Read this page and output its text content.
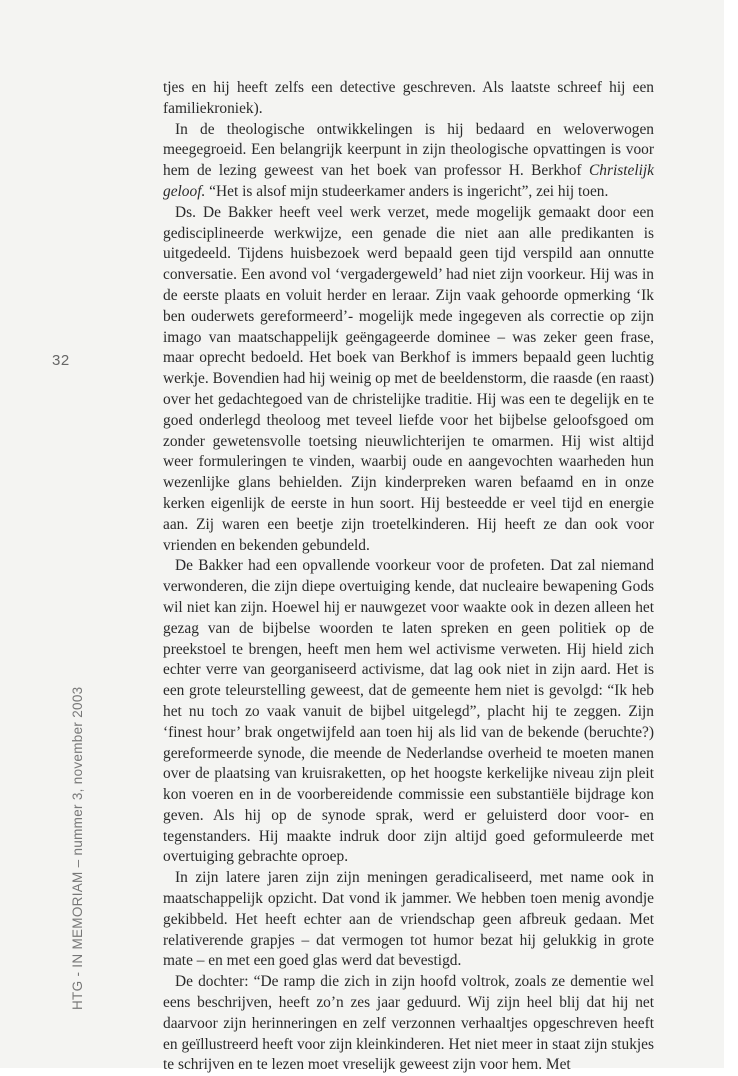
32
HTG - IN MEMORIAM – nummer 3, november 2003

tjes en hij heeft zelfs een detective geschreven. Als laatste schreef hij een familiekroniek).

In de theologische ontwikkelingen is hij bedaard en weloverwogen meegegroeid. Een belangrijk keerpunt in zijn theologische opvattingen is voor hem de lezing geweest van het boek van professor H. Berkhof Christelijk geloof. “Het is alsof mijn studeerkamer anders is ingericht”, zei hij toen.

Ds. De Bakker heeft veel werk verzet, mede mogelijk gemaakt door een gedisciplineerde werkwijze, een genade die niet aan alle predikanten is uitgedeeld. Tijdens huisbezoek werd bepaald geen tijd verspild aan onnutte conversatie. Een avond vol ‘vergadergeweld’ had niet zijn voorkeur. Hij was in de eerste plaats en voluit herder en leraar. Zijn vaak gehoorde opmerking ‘Ik ben ouderwets gereformeerd’- mogelijk mede ingegeven als correctie op zijn imago van maatschappelijk geëngageerde dominee – was zeker geen frase, maar oprecht bedoeld. Het boek van Berkhof is immers bepaald geen luchtig werkje. Bovendien had hij weinig op met de beeldenstorm, die raasde (en raast) over het gedachtegoed van de christelijke traditie. Hij was een te degelijk en te goed onderlegd theoloog met teveel liefde voor het bijbelse geloofsgoed om zonder gewetensvolle toetsing nieuwlichterijen te omarmen. Hij wist altijd weer formuleringen te vinden, waarbij oude en aangevochten waarheden hun wezenlijke glans behielden. Zijn kinderpreken waren befaamd en in onze kerken eigenlijk de eerste in hun soort. Hij besteedde er veel tijd en energie aan. Zij waren een beetje zijn troetelkinderen. Hij heeft ze dan ook voor vrienden en bekenden gebundeld.

De Bakker had een opvallende voorkeur voor de profeten. Dat zal niemand verwonderen, die zijn diepe overtuiging kende, dat nucleaire bewapening Gods wil niet kan zijn. Hoewel hij er nauwgezet voor waakte ook in dezen alleen het gezag van de bijbelse woorden te laten spreken en geen politiek op de preekstoel te brengen, heeft men hem wel activisme verweten. Hij hield zich echter verre van georganiseerd activisme, dat lag ook niet in zijn aard. Het is een grote teleurstelling geweest, dat de gemeente hem niet is gevolgd: “Ik heb het nu toch zo vaak vanuit de bijbel uitgelegd”, placht hij te zeggen. Zijn ‘finest hour’ brak ongetwijfeld aan toen hij als lid van de bekende (beruchte?) gereformeerde synode, die meende de Nederlandse overheid te moeten manen over de plaatsing van kruisraketten, op het hoogste kerkelijke niveau zijn pleit kon voeren en in de voorbereidende commissie een substantiële bijdrage kon geven. Als hij op de synode sprak, werd er geluisterd door voor- en tegenstanders. Hij maakte indruk door zijn altijd goed geformuleerde met overtuiging gebrachte oproep.

In zijn latere jaren zijn zijn meningen geradicaliseerd, met name ook in maatschappelijk opzicht. Dat vond ik jammer. We hebben toen menig avondje gekibbeld. Het heeft echter aan de vriendschap geen afbreuk gedaan. Met relativerende grapjes – dat vermogen tot humor bezat hij gelukkig in grote mate – en met een goed glas werd dat bevestigd.

De dochter: “De ramp die zich in zijn hoofd voltrok, zoals ze dementie wel eens beschrijven, heeft zo’n zes jaar geduurd. Wij zijn heel blij dat hij net daarvoor zijn herinneringen en zelf verzonnen verhaaltjes opgeschreven heeft en geïllustreerd heeft voor zijn kleinkinderen. Het niet meer in staat zijn stukjes te schrijven en te lezen moet vreselijk geweest zijn voor hem. Met
